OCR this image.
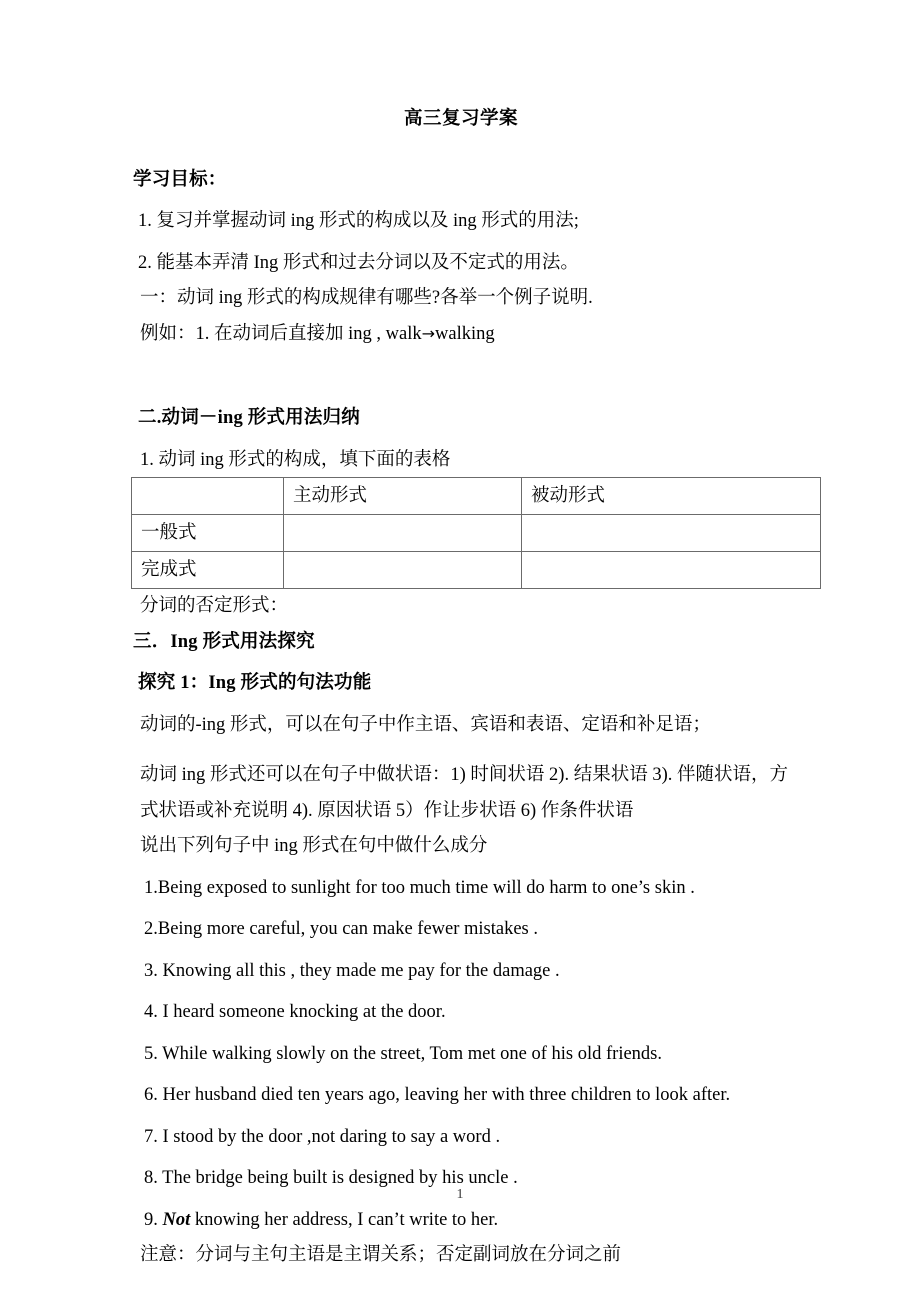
高三复习学案
学习目标：
1. 复习并掌握动词 ing 形式的构成以及 ing 形式的用法;
2. 能基本弄清 Ing 形式和过去分词以及不定式的用法。
一：动词 ing 形式的构成规律有哪些?各举一个例子说明.
例如：1. 在动词后直接加 ing , walk→walking
二.动词－ing 形式用法归纳
1. 动词 ing 形式的构成，填下面的表格
	主动形式	被动形式
一般式		
完成式		
分词的否定形式：
三．Ing 形式用法探究
探究 1：Ing 形式的句法功能
动词的-ing 形式，可以在句子中作主语、宾语和表语、定语和补足语；
动词 ing 形式还可以在句子中做状语：1) 时间状语 2). 结果状语 3). 伴随状语，方式状语或补充说明 4). 原因状语 5）作让步状语 6) 作条件状语
说出下列句子中 ing 形式在句中做什么成分
1.Being exposed to sunlight for too much time will do harm to one’s skin .
2.Being more careful, you can make fewer mistakes .
3. Knowing all this , they made me pay for the damage .
4. I heard someone knocking at the door.
5. While walking slowly on the street, Tom met one of his old friends.
6. Her husband died ten years ago, leaving her with three children to look after.
7. I stood by the door ,not daring to say a word .
8. The bridge being built is designed by his uncle .
9. Not knowing her address, I can’t write to her.
注意：分词与主句主语是主谓关系；否定副词放在分词之前
1
